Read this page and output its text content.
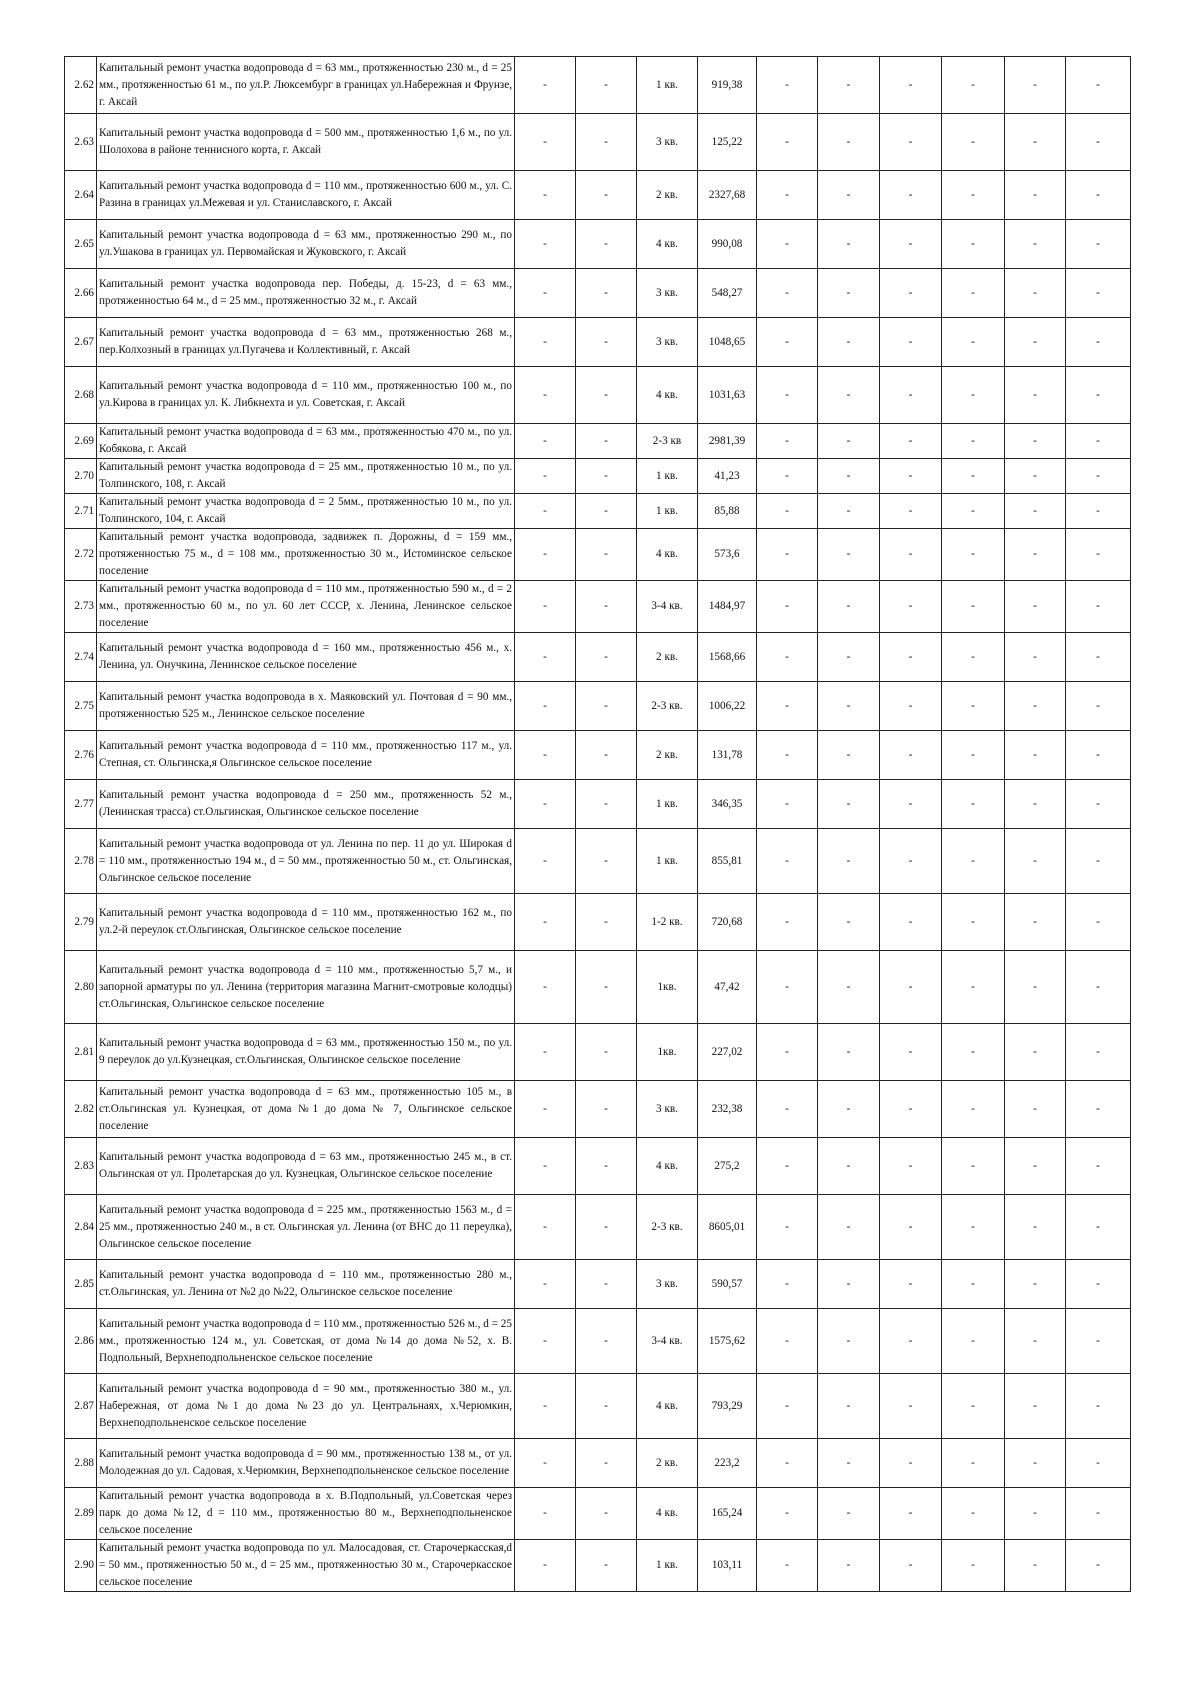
2.62	Капитальный ремонт участка водопровода d = 63 мм., протяженностью 230 м., d = 25 мм., протяженностью 61 м., по ул.Р. Люксембург в границах ул.Набережная и Фрунзе, г. Аксай	-	-	1 кв.	919,38	-	-	-	-	-	-
2.63	Капитальный ремонт участка водопровода d = 500 мм., протяженностью 1,6 м., по ул. Шолохова в районе теннисного корта, г. Аксай	-	-	3 кв.	125,22	-	-	-	-	-	-
2.64	Капитальный ремонт участка водопровода d = 110 мм., протяженностью 600 м., ул. С. Разина в границах ул.Межевая и ул. Станиславского, г. Аксай	-	-	2 кв.	2327,68	-	-	-	-	-	-
2.65	Капитальный ремонт участка водопровода d = 63 мм., протяженностью 290 м., по ул.Ушакова в границах ул. Первомайская и Жуковского, г. Аксай	-	-	4 кв.	990,08	-	-	-	-	-	-
2.66	Капитальный ремонт участка водопровода пер. Победы, д. 15-23, d = 63 мм., протяженностью 64 м., d = 25 мм., протяженностью 32 м., г. Аксай	-	-	3 кв.	548,27	-	-	-	-	-	-
2.67	Капитальный ремонт участка водопровода d = 63 мм., протяженностью 268 м., пер.Колхозный в границах ул.Пугачева и Коллективный, г. Аксай	-	-	3 кв.	1048,65	-	-	-	-	-	-
2.68	Капитальный ремонт участка водопровода d = 110 мм., протяженностью 100 м., по ул.Кирова в границах ул. К. Либкнехта и ул. Советская, г. Аксай	-	-	4 кв.	1031,63	-	-	-	-	-	-
2.69	Капитальный ремонт участка водопровода d = 63 мм., протяженностью 470 м., по ул. Кобякова, г. Аксай	-	-	2-3 кв	2981,39	-	-	-	-	-	-
2.70	Капитальный ремонт участка водопровода d = 25 мм., протяженностью 10 м., по ул. Толпинского, 108, г. Аксай	-	-	1 кв.	41,23	-	-	-	-	-	-
2.71	Капитальный ремонт участка водопровода d = 2 5мм., протяженностью 10 м., по ул. Толпинского, 104, г. Аксай	-	-	1 кв.	85,88	-	-	-	-	-	-
2.72	Капитальный ремонт участка водопровода, задвижек п. Дорожны, d = 159 мм., протяженностью 75 м., d = 108 мм., протяженностью 30 м., Истоминское сельское поселение	-	-	4 кв.	573,6	-	-	-	-	-	-
2.73	Капитальный ремонт участка водопровода d = 110 мм., протяженностью 590 м., d = 2 мм., протяженностью 60 м., по ул. 60 лет СССР, х. Ленина, Ленинское сельское поселение	-	-	3-4 кв.	1484,97	-	-	-	-	-	-
2.74	Капитальный ремонт участка водопровода d = 160 мм., протяженностью 456 м., х. Ленина, ул. Онучкина, Ленинское сельское поселение	-	-	2 кв.	1568,66	-	-	-	-	-	-
2.75	Капитальный ремонт участка водопровода в х. Маяковский ул. Почтовая d = 90 мм., протяженностью 525 м., Ленинское сельское поселение	-	-	2-3 кв.	1006,22	-	-	-	-	-	-
2.76	Капитальный ремонт участка водопровода d = 110 мм., протяженностью 117 м., ул. Степная, ст. Ольгинска,я Ольгинское сельское поселение	-	-	2 кв.	131,78	-	-	-	-	-	-
2.77	Капитальный ремонт участка водопровода d = 250 мм., протяженность 52 м., (Ленинская трасса) ст.Ольгинская, Ольгинское сельское поселение	-	-	1 кв.	346,35	-	-	-	-	-	-
2.78	Капитальный ремонт участка водопровода от ул. Ленина по пер. 11 до ул. Широкая d = 110 мм., протяженностью 194 м., d = 50 мм., протяженностью 50 м., ст. Ольгинская, Ольгинское сельское поселение	-	-	1 кв.	855,81	-	-	-	-	-	-
2.79	Капитальный ремонт участка водопровода d = 110 мм., протяженностью 162 м., по ул.2-й переулок ст.Ольгинская, Ольгинское сельское поселение	-	-	1-2 кв.	720,68	-	-	-	-	-	-
2.80	Капитальный ремонт участка водопровода d = 110 мм., протяженностью 5,7 м., и запорной арматуры по ул. Ленина (территория магазина Магнит-смотровые колодцы) ст.Ольгинская, Ольгинское сельское поселение	-	-	1кв.	47,42	-	-	-	-	-	-
2.81	Капитальный ремонт участка водопровода d = 63 мм., протяженностью 150 м., по ул. 9 переулок до ул.Кузнецкая, ст.Ольгинская, Ольгинское сельское поселение	-	-	1кв.	227,02	-	-	-	-	-	-
2.82	Капитальный ремонт участка водопровода d = 63 мм., протяженностью 105 м., в ст.Ольгинская ул. Кузнецкая, от дома №1 до дома № 7, Ольгинское сельское поселение	-	-	3 кв.	232,38	-	-	-	-	-	-
2.83	Капитальный ремонт участка водопровода d = 63 мм., протяженностью 245 м., в ст. Ольгинская от ул. Пролетарская до ул. Кузнецкая, Ольгинское сельское поселение	-	-	4 кв.	275,2	-	-	-	-	-	-
2.84	Капитальный ремонт участка водопровода d = 225 мм., протяженностью 1563 м., d = 25 мм., протяженностью 240 м., в ст. Ольгинская ул. Ленина (от ВНС до 11 переулка), Ольгинское сельское поселение	-	-	2-3 кв.	8605,01	-	-	-	-	-	-
2.85	Капитальный ремонт участка водопровода d = 110 мм., протяженностью 280 м., ст.Ольгинская, ул. Ленина от №2 до №22, Ольгинское сельское поселение	-	-	3 кв.	590,57	-	-	-	-	-	-
2.86	Капитальный ремонт участка водопровода d = 110 мм., протяженностью 526 м., d = 25 мм., протяженностью 124 м., ул. Советская, от дома №14 до дома №52, х. В. Подпольный, Верхнеподпольненское сельское поселение	-	-	3-4 кв.	1575,62	-	-	-	-	-	-
2.87	Капитальный ремонт участка водопровода d = 90 мм., протяженностью 380 м., ул. Набережная, от дома №1 до дома №23 до ул. Центральнаях, х.Черюмкин, Верхнеподпольненское сельское поселение	-	-	4 кв.	793,29	-	-	-	-	-	-
2.88	Капитальный ремонт участка водопровода d = 90 мм., протяженностью 138 м., от ул. Молодежная до ул. Садовая, х.Черюмкин, Верхнеподпольненское сельское поселение	-	-	2 кв.	223,2	-	-	-	-	-	-
2.89	Капитальный ремонт участка водопровода в х. В.Подпольный, ул.Советская через парк до дома №12, d = 110 мм., протяженностью 80 м., Верхнеподпольненское сельское поселение	-	-	4 кв.	165,24	-	-	-	-	-	-
2.90	Капитальный ремонт участка водопровода по ул. Малосадовая, ст. Старочеркасская,d = 50 мм., протяженностью 50 м., d = 25 мм., протяженностью 30 м., Старочеркасское сельское поселение	-	-	1 кв.	103,11	-	-	-	-	-	-
